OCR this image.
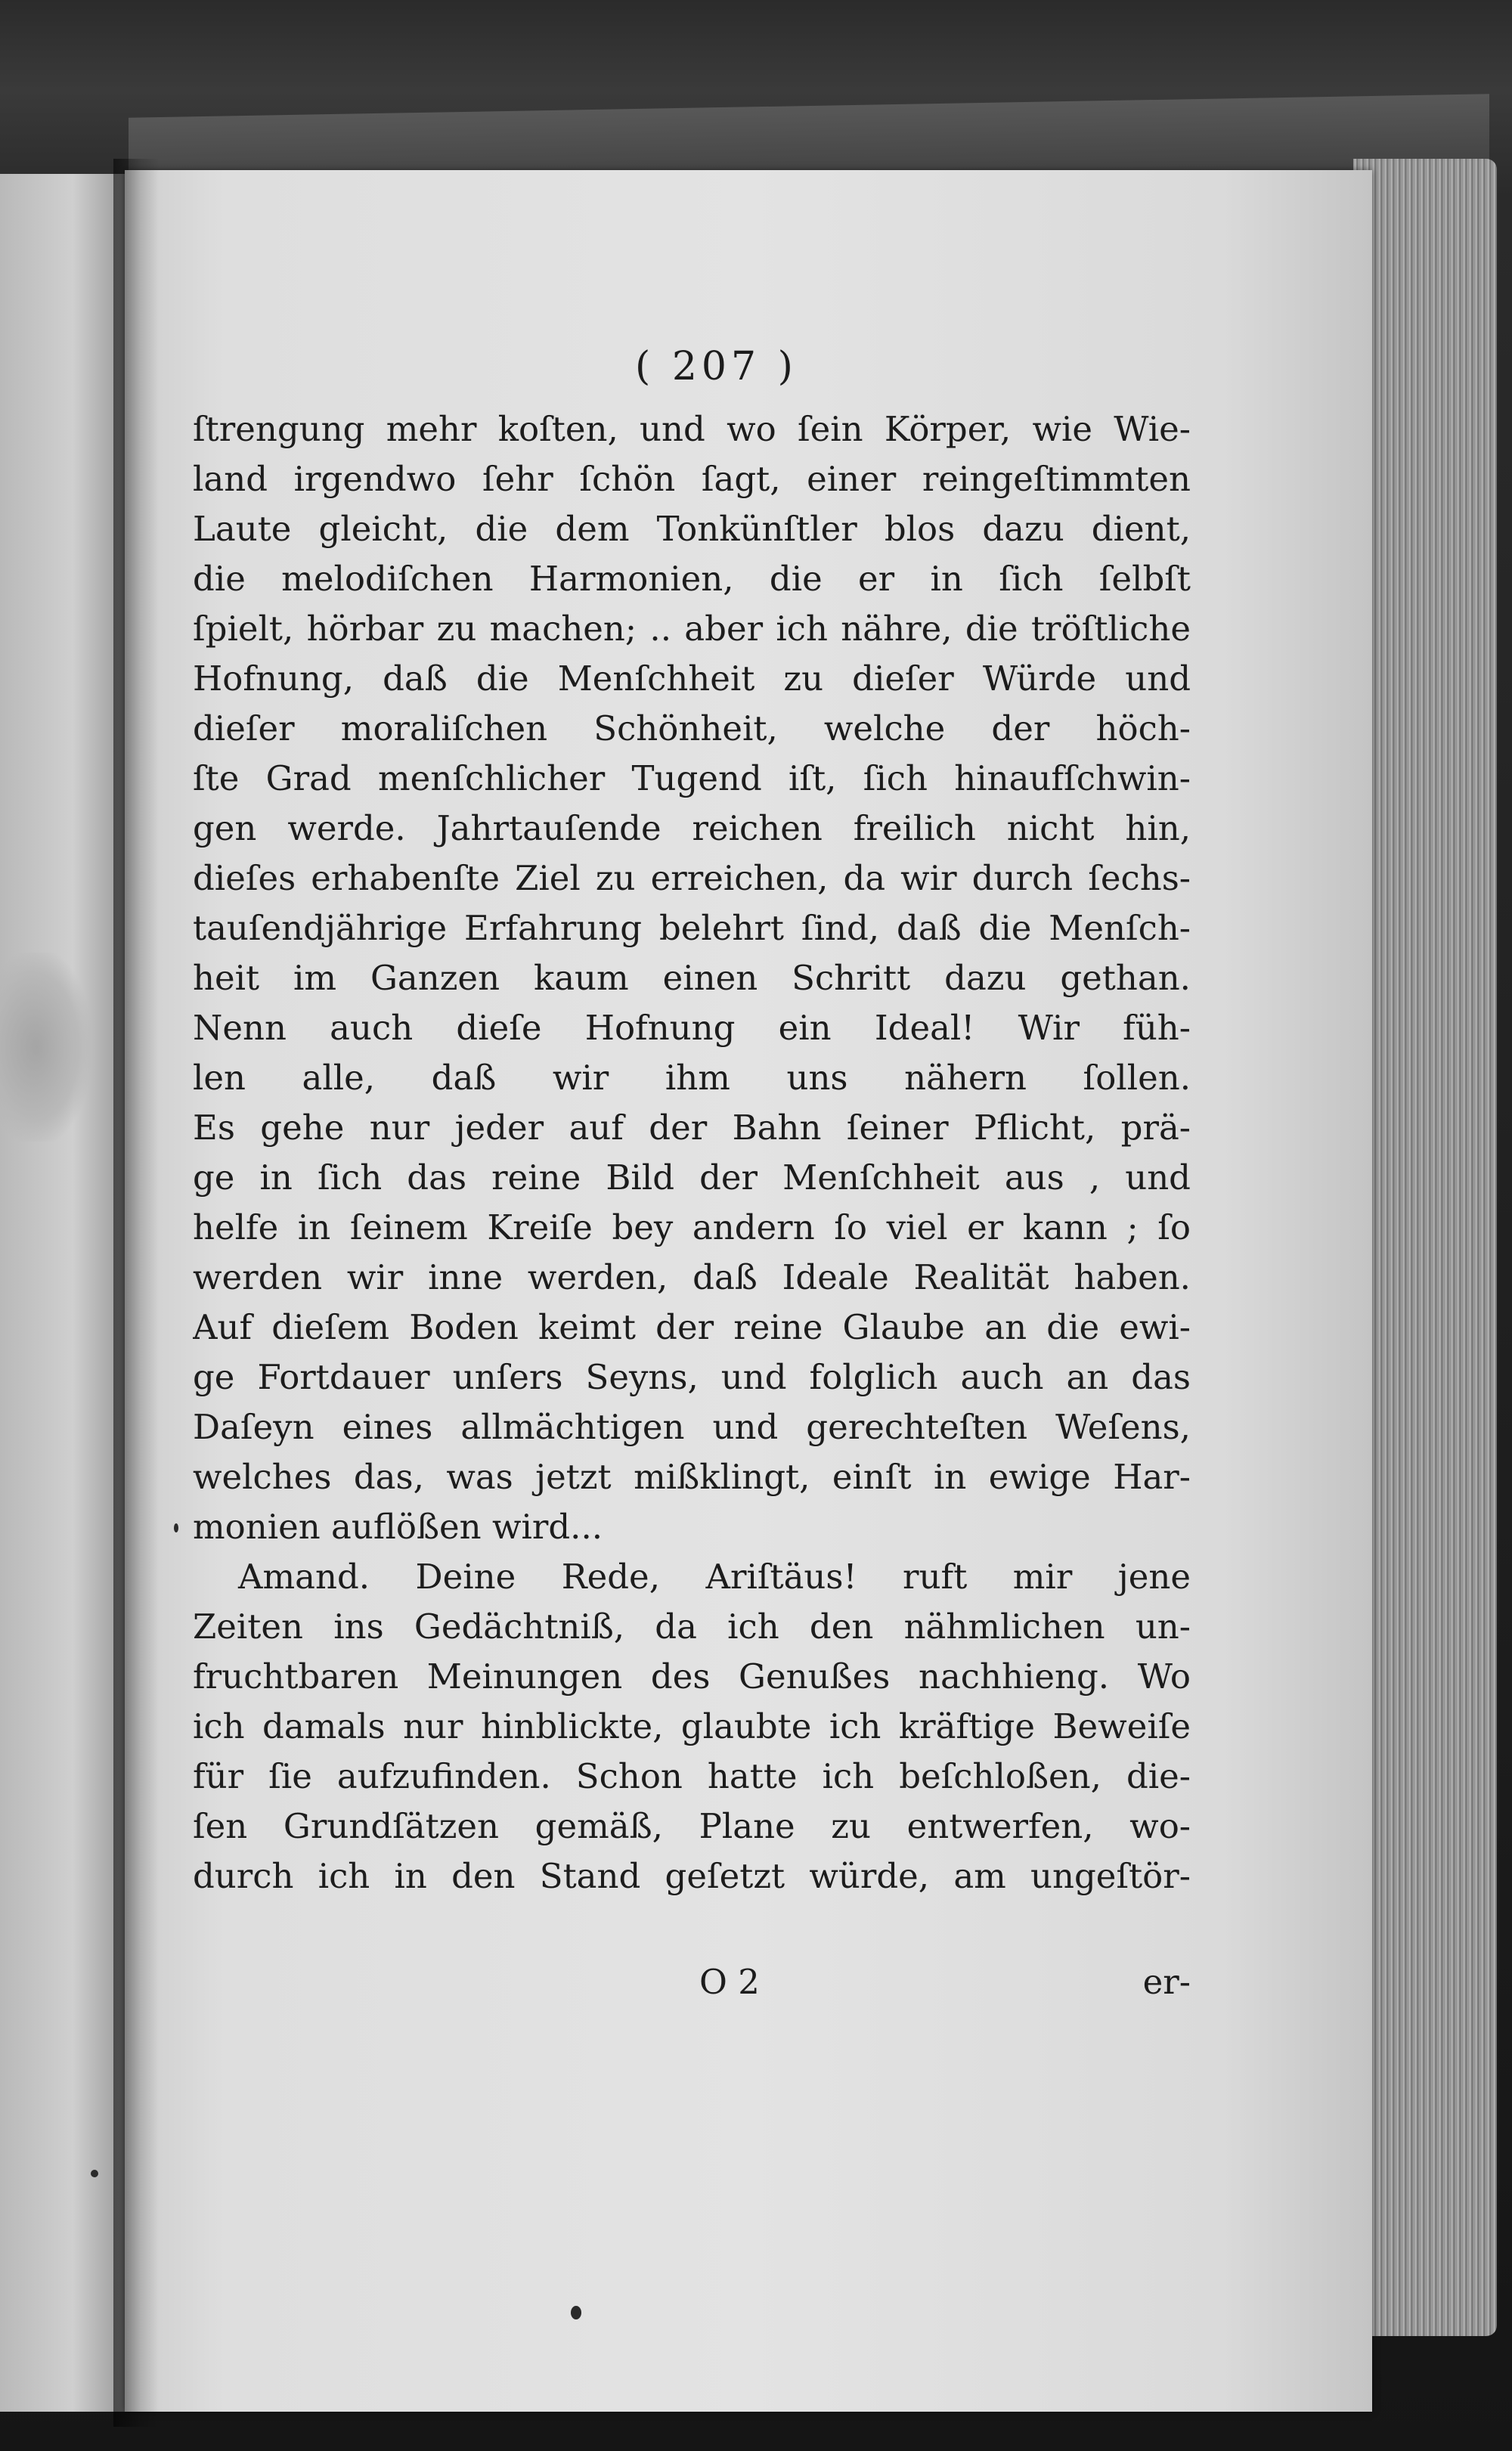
( 207 )
ſtrengung mehr koſten, und wo ſein Körper, wie Wie-
land irgendwo ſehr ſchön ſagt, einer reingeſtimmten
Laute gleicht, die dem Tonkünſtler blos dazu dient,
die melodiſchen Harmonien, die er in ſich ſelbſt
ſpielt, hörbar zu machen; .. aber ich nähre, die tröſtliche
Hofnung, daß die Menſchheit zu dieſer Würde und
dieſer moraliſchen Schönheit, welche der höch-
ſte Grad menſchlicher Tugend iſt, ſich hinaufſchwin-
gen werde. Jahrtauſende reichen freilich nicht hin,
dieſes erhabenſte Ziel zu erreichen, da wir durch ſechs-
tauſendjährige Erfahrung belehrt ſind, daß die Menſch-
heit im Ganzen kaum einen Schritt dazu gethan.
Nenn auch dieſe Hofnung ein Ideal! Wir füh-
len alle, daß wir ihm uns nähern ſollen.
Es gehe nur jeder auf der Bahn ſeiner Pflicht, prä-
ge in ſich das reine Bild der Menſchheit aus , und
helfe in ſeinem Kreiſe bey andern ſo viel er kann ; ſo
werden wir inne werden, daß Ideale Realität haben.
Auf dieſem Boden keimt der reine Glaube an die ewi-
ge Fortdauer unſers Seyns, und folglich auch an das
Daſeyn eines allmächtigen und gerechteſten Weſens,
welches das, was jetzt mißklingt, einſt in ewige Har-
monien auflößen wird...
Amand. Deine Rede, Ariſtäus! ruft mir jene
Zeiten ins Gedächtniß, da ich den nähmlichen un-
fruchtbaren Meinungen des Genußes nachhieng. Wo
ich damals nur hinblickte, glaubte ich kräftige Beweiſe
für ſie aufzufinden. Schon hatte ich beſchloßen, die-
ſen Grundſätzen gemäß, Plane zu entwerfen, wo-
durch ich in den Stand geſetzt würde, am ungeſtör-
O 2	er-
